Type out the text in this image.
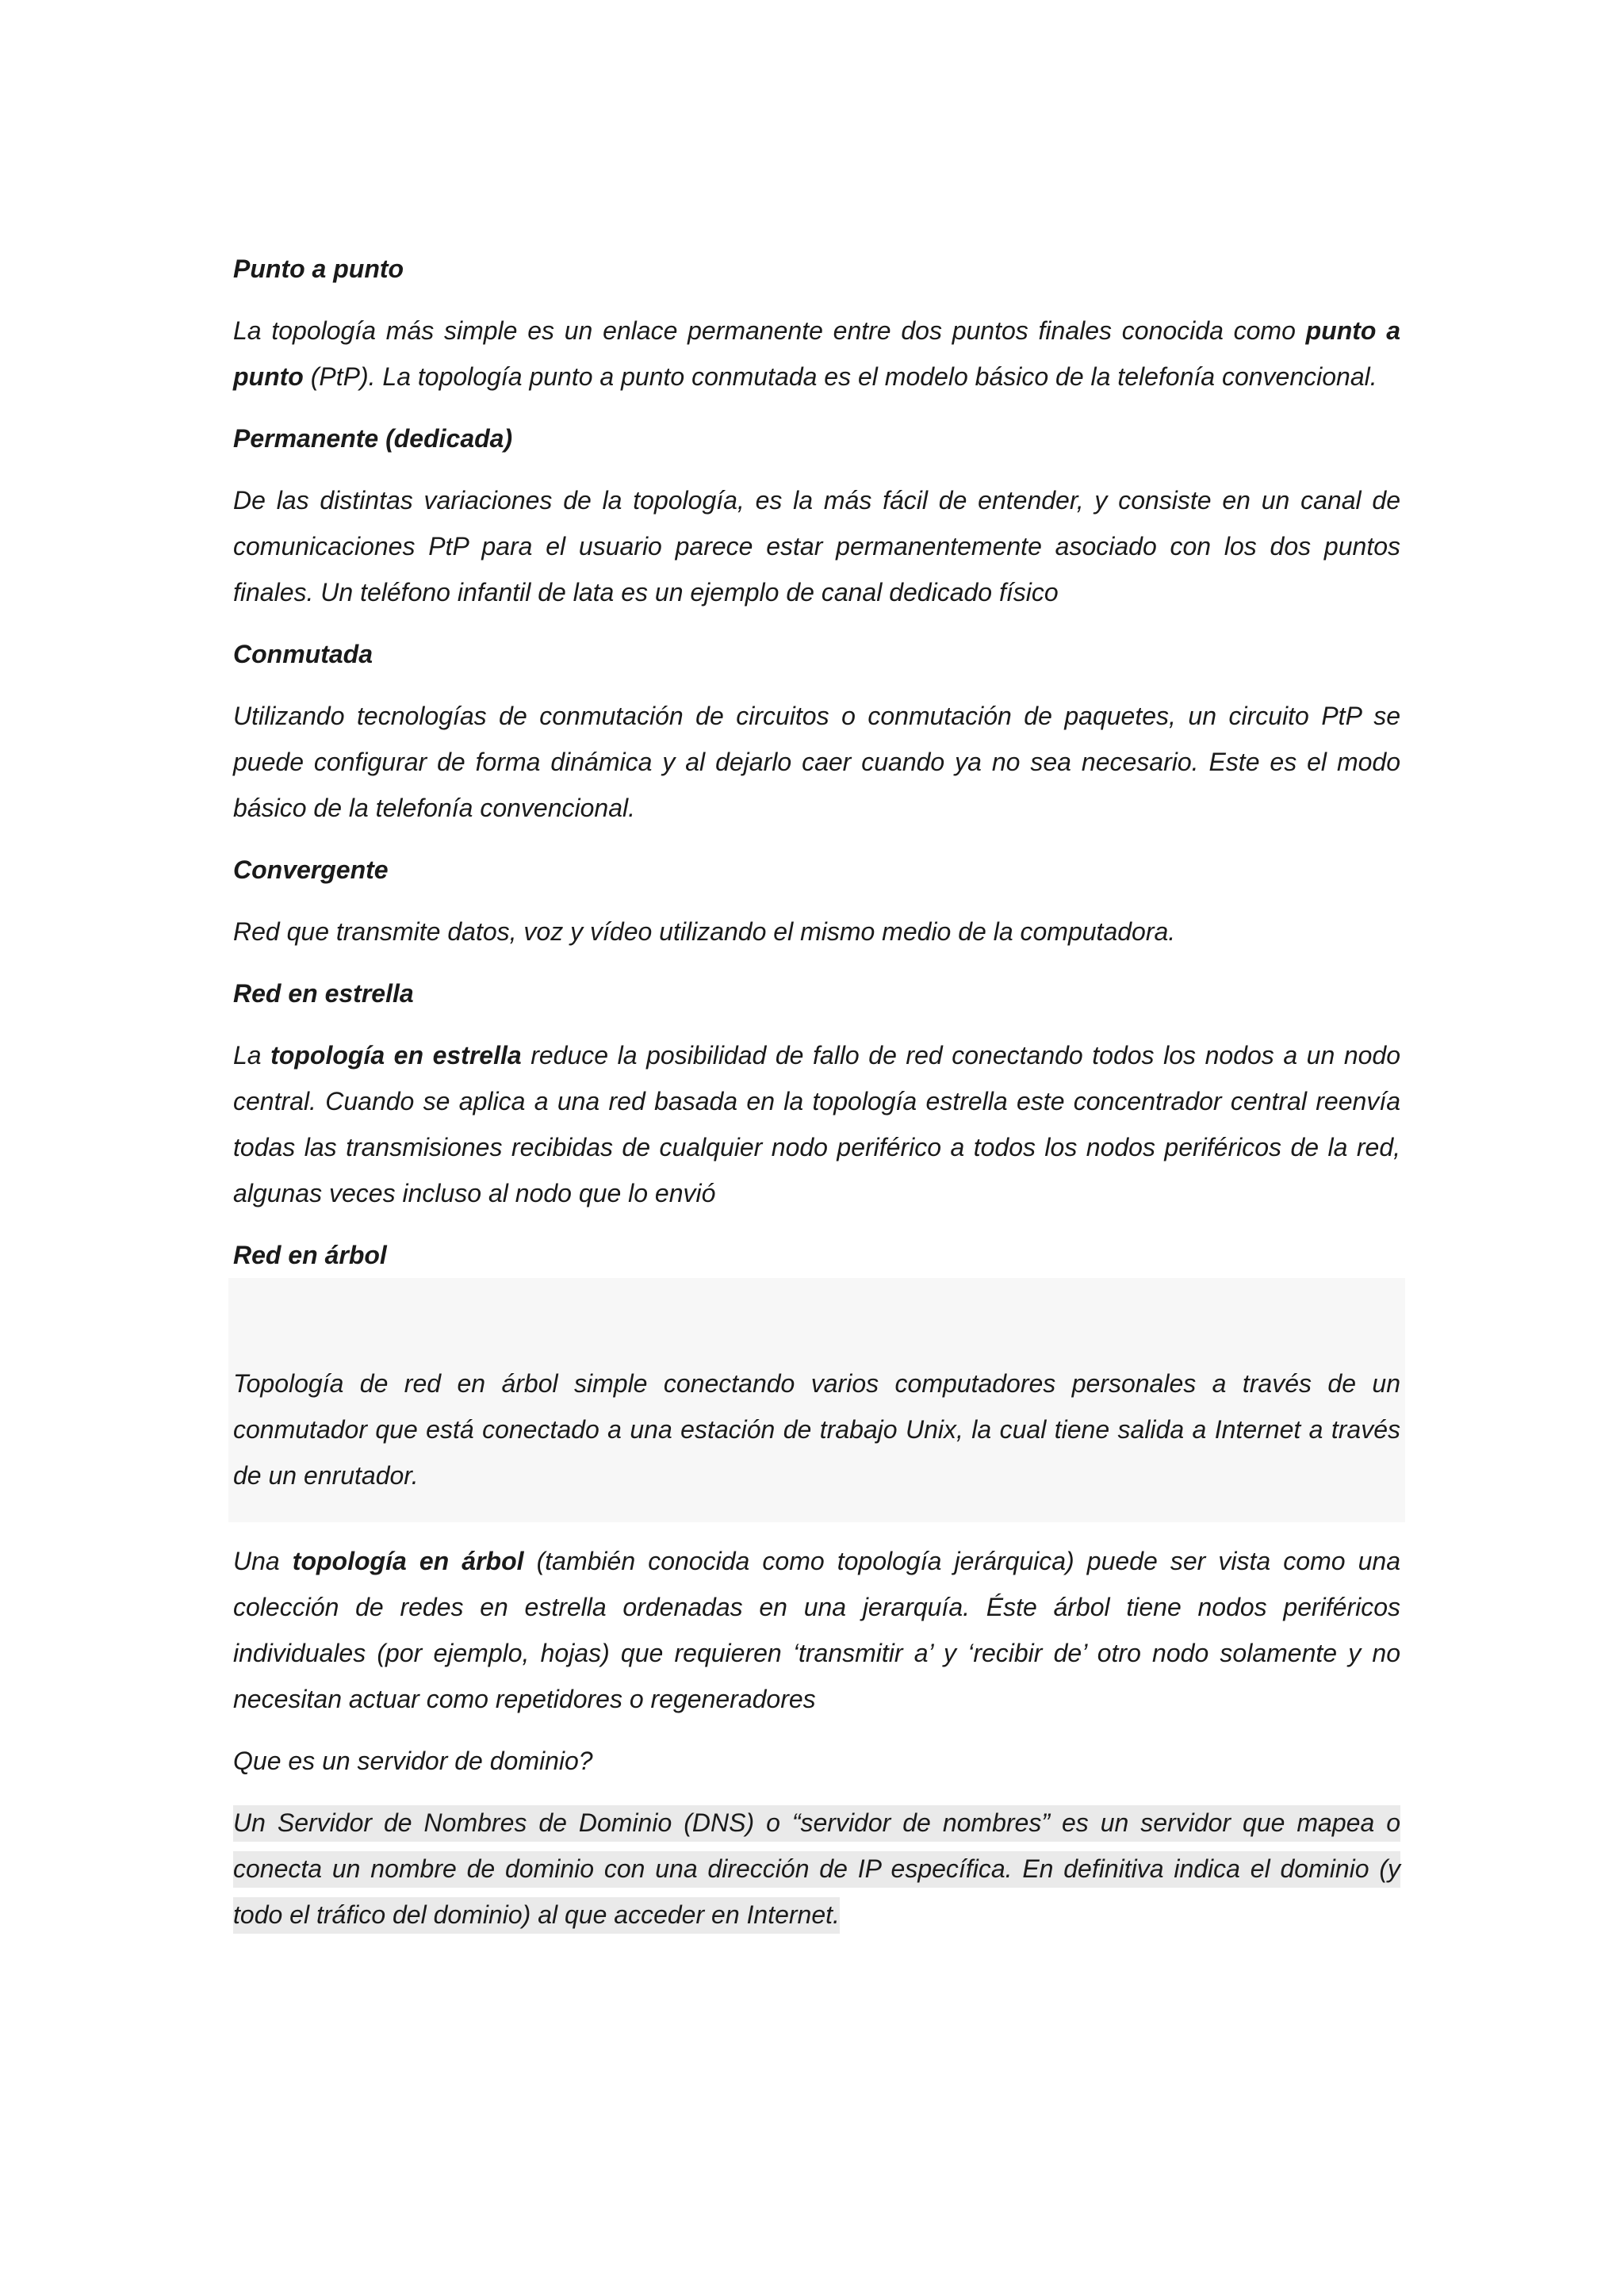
Punto a punto

La topología más simple es un enlace permanente entre dos puntos finales conocida como punto a punto (PtP). La topología punto a punto conmutada es el modelo básico de la telefonía convencional.

Permanente (dedicada)

De las distintas variaciones de la topología, es la más fácil de entender, y consiste en un canal de comunicaciones PtP para el usuario parece estar permanentemente asociado con los dos puntos finales. Un teléfono infantil de lata es un ejemplo de canal dedicado físico

Conmutada

Utilizando tecnologías de conmutación de circuitos o conmutación de paquetes, un circuito PtP se puede configurar de forma dinámica y al dejarlo caer cuando ya no sea necesario. Este es el modo básico de la telefonía convencional.

Convergente

Red que transmite datos, voz y vídeo utilizando el mismo medio de la computadora.

Red en estrella

La topología en estrella reduce la posibilidad de fallo de red conectando todos los nodos a un nodo central. Cuando se aplica a una red basada en la topología estrella este concentrador central reenvía todas las transmisiones recibidas de cualquier nodo periférico a todos los nodos periféricos de la red, algunas veces incluso al nodo que lo envió

Red en árbol

Topología de red en árbol simple conectando varios computadores personales a través de un conmutador que está conectado a una estación de trabajo Unix, la cual tiene salida a Internet a través de un enrutador.

Una topología en árbol (también conocida como topología jerárquica) puede ser vista como una colección de redes en estrella ordenadas en una jerarquía. Éste árbol tiene nodos periféricos individuales (por ejemplo, hojas) que requieren ‘transmitir a’ y ‘recibir de’ otro nodo solamente y no necesitan actuar como repetidores o regeneradores

Que es un servidor de dominio?

Un Servidor de Nombres de Dominio (DNS) o “servidor de nombres” es un servidor que mapea o conecta un nombre de dominio con una dirección de IP específica. En definitiva indica el dominio (y todo el tráfico del dominio) al que acceder en Internet.
